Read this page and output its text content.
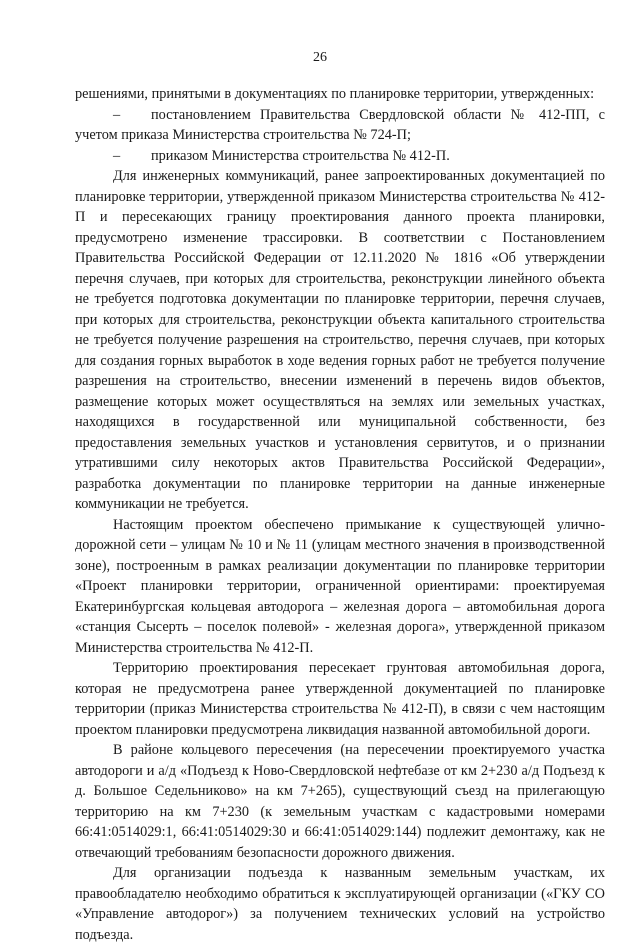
26

решениями, принятыми в документациях по планировке территории, утвержденных:

– постановлением Правительства Свердловской области № 412-ПП, с учетом приказа Министерства строительства № 724-П;

– приказом Министерства строительства № 412-П.

Для инженерных коммуникаций, ранее запроектированных документацией по планировке территории, утвержденной приказом Министерства строительства № 412-П и пересекающих границу проектирования данного проекта планировки, предусмотрено изменение трассировки. В соответствии с Постановлением Правительства Российской Федерации от 12.11.2020 № 1816 «Об утверждении перечня случаев, при которых для строительства, реконструкции линейного объекта не требуется подготовка документации по планировке территории, перечня случаев, при которых для строительства, реконструкции объекта капитального строительства не требуется получение разрешения на строительство, перечня случаев, при которых для создания горных выработок в ходе ведения горных работ не требуется получение разрешения на строительство, внесении изменений в перечень видов объектов, размещение которых может осуществляться на землях или земельных участках, находящихся в государственной или муниципальной собственности, без предоставления земельных участков и установления сервитутов, и о признании утратившими силу некоторых актов Правительства Российской Федерации», разработка документации по планировке территории на данные инженерные коммуникации не требуется.

Настоящим проектом обеспечено примыкание к существующей улично-дорожной сети – улицам № 10 и № 11 (улицам местного значения в производственной зоне), построенным в рамках реализации документации по планировке территории «Проект планировки территории, ограниченной ориентирами: проектируемая Екатеринбургская кольцевая автодорога – железная дорога – автомобильная дорога «станция Сысерть – поселок полевой» - железная дорога», утвержденной приказом Министерства строительства № 412-П.

Территорию проектирования пересекает грунтовая автомобильная дорога, которая не предусмотрена ранее утвержденной документацией по планировке территории (приказ Министерства строительства № 412-П), в связи с чем настоящим проектом планировки предусмотрена ликвидация названной автомобильной дороги.

В районе кольцевого пересечения (на пересечении проектируемого участка автодороги и а/д «Подъезд к Ново-Свердловской нефтебазе от км 2+230 а/д Подъезд к д. Большое Седельниково» на км 7+265), существующий съезд на прилегающую территорию на км 7+230 (к земельным участкам с кадастровыми номерами 66:41:0514029:1, 66:41:0514029:30 и 66:41:0514029:144) подлежит демонтажу, как не отвечающий требованиям безопасности дорожного движения.

Для организации подъезда к названным земельным участкам, их правообладателю необходимо обратиться к эксплуатирующей организации («ГКУ СО «Управление автодорог») за получением технических условий на устройство подъезда.
